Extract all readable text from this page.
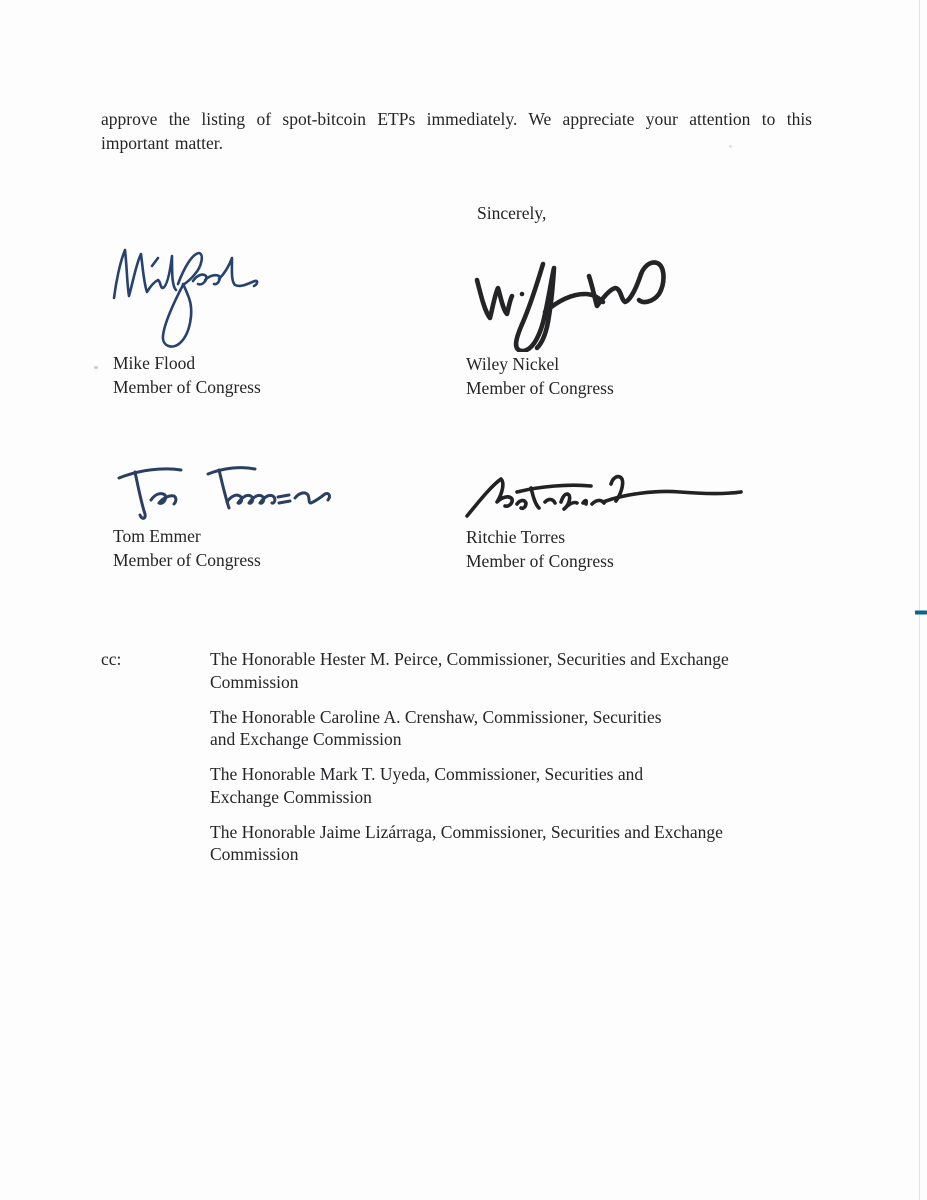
approve the listing of spot-bitcoin ETPs immediately. We appreciate your attention to this important matter.

Sincerely,
Mike Flood
Member of Congress
Wiley Nickel
Member of Congress
Tom Emmer
Member of Congress
Ritchie Torres
Member of Congress
cc:	The Honorable Hester M. Peirce, Commissioner, Securities and Exchange
Commission
The Honorable Caroline A. Crenshaw, Commissioner, Securities
and Exchange Commission
The Honorable Mark T. Uyeda, Commissioner, Securities and
Exchange Commission
The Honorable Jaime Lizárraga, Commissioner, Securities and Exchange
Commission
